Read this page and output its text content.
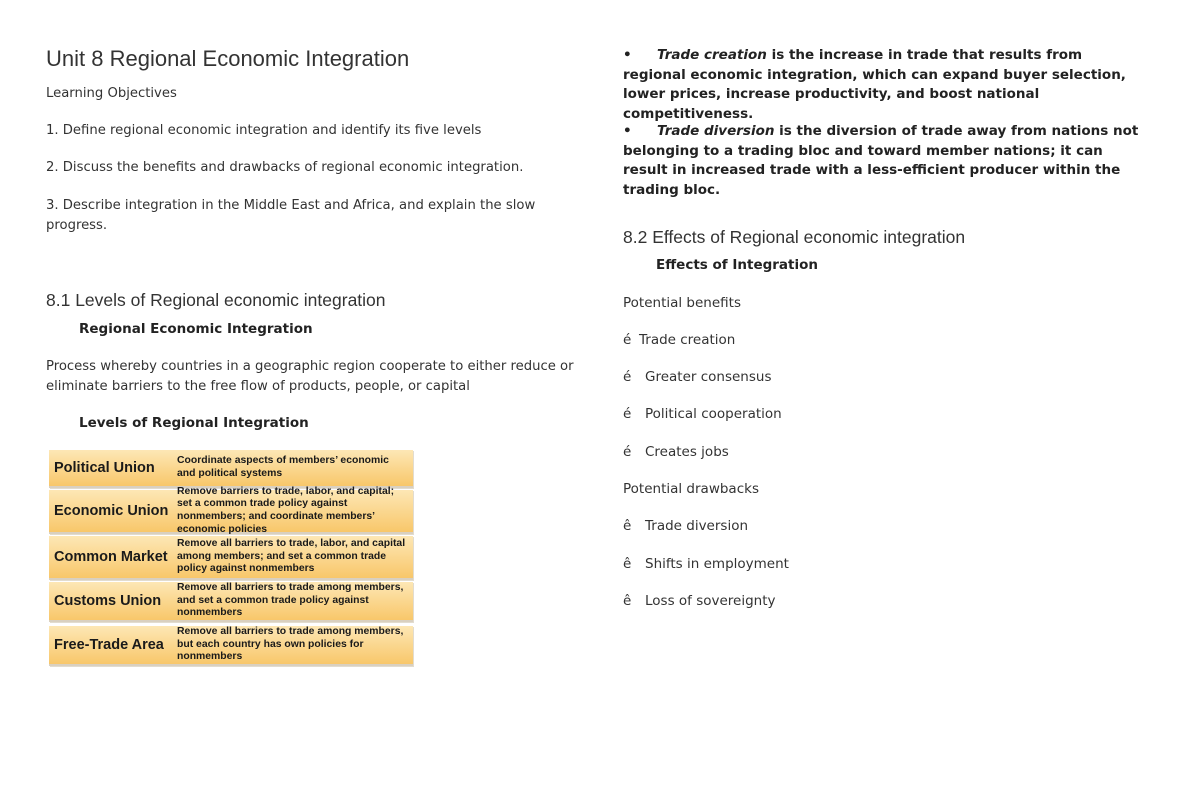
Unit 8 Regional Economic Integration

Learning Objectives

1. Define regional economic integration and identify its five levels

2. Discuss the benefits and drawbacks of regional economic integration.

3. Describe integration in the Middle East and Africa, and explain the slow progress.

8.1 Levels of Regional economic integration

Regional Economic Integration

Process whereby countries in a geographic region cooperate to either reduce or eliminate barriers to the free flow of products, people, or capital

Levels of Regional Integration

Political Union	Coordinate aspects of members’ economic and political systems
Economic Union
Remove barriers to trade, labor, and capital; set a common trade policy against nonmembers; and coordinate members’ economic policies
Common Market
Remove all barriers to trade, labor, and capital among members; and set a common trade policy against nonmembers
Customs Union
Remove all barriers to trade among members, and set a common trade policy against nonmembers
Free-Trade Area
Remove all barriers to trade among members, but each country has own policies for nonmembers

• Trade creation is the increase in trade that results from regional economic integration, which can expand buyer selection, lower prices, increase productivity, and boost national competitiveness.

• Trade diversion is the diversion of trade away from nations not belonging to a trading bloc and toward member nations; it can result in increased trade with a less-efficient producer within the trading bloc.

8.2 Effects of Regional economic integration

Effects of Integration

Potential benefits

é Trade creation

é Greater consensus

é Political cooperation

é Creates jobs

Potential drawbacks

ê Trade diversion

ê Shifts in employment

ê Loss of sovereignty
